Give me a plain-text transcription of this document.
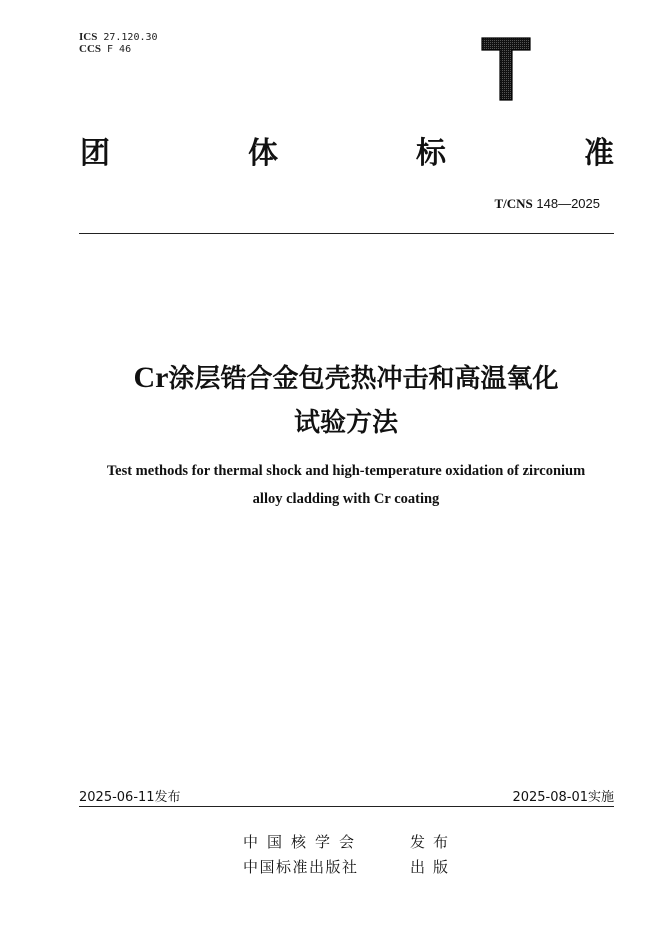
ICS 27.120.30
CCS F 46
团	体	标	准
T/CNS 148—2025
Cr涂层锆合金包壳热冲击和高温氧化
试验方法
Test methods for thermal shock and high-temperature oxidation of zirconium
alloy cladding with Cr coating
2025-06-11发布	2025-08-01实施
中国核学会	发布
中国标准出版社	出版
